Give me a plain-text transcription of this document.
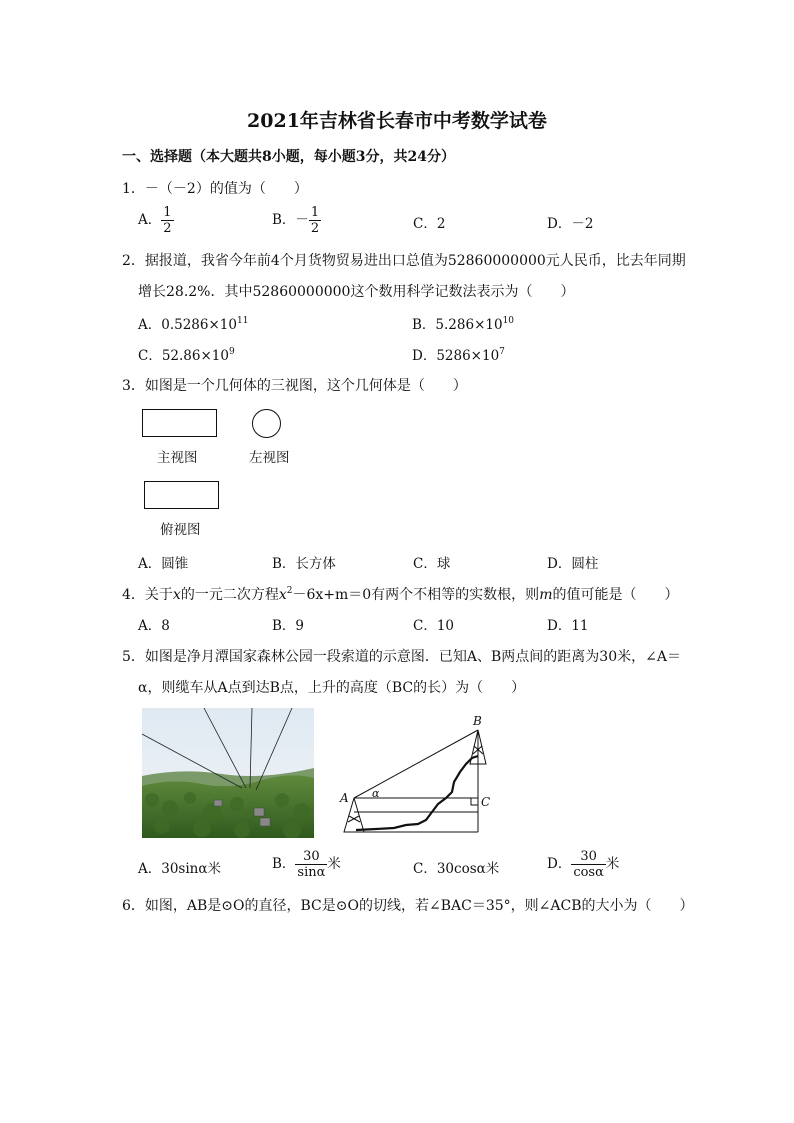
2021年吉林省长春市中考数学试卷
一、选择题（本大题共8小题，每小题3分，共24分）
1．－（－2）的值为（　　）
A． $\frac{1}{2}$	B．－ $\frac{1}{2}$	C．2	D．－2
2．据报道，我省今年前4个月货物贸易进出口总值为52860000000元人民币，比去年同期
增长28.2%．其中52860000000这个数用科学记数法表示为（　　）
A．$0.5286\times 10^{11}$	B．$5.286\times 10^{10}$
C．$52.86\times 10^9$	D．$5286\times 10^7$
3．如图是一个几何体的三视图，这个几何体是（　　）
主视图	左视图
俯视图
A．圆锥	B．长方体	C．球	D．圆柱
4．关于x的一元二次方程$x^2-6x+m=0$有两个不相等的实数根，则m的值可能是（　　）
A．8	B．9	C．10	D．11
5．如图是净月潭国家森林公园一段索道的示意图．已知A、B两点间的距离为30米，∠A＝
α，则缆车从A点到达B点，上升的高度（BC的长）为（　　）
A
B
C
α
A．30sinα米	B． $\frac{30}{\sin\alpha}$ 米	C．30cosα米	D． $\frac{30}{\cos\alpha}$ 米
6．如图，AB是⊙O的直径，BC是⊙O的切线，若∠BAC＝35°，则∠ACB的大小为（　　）
